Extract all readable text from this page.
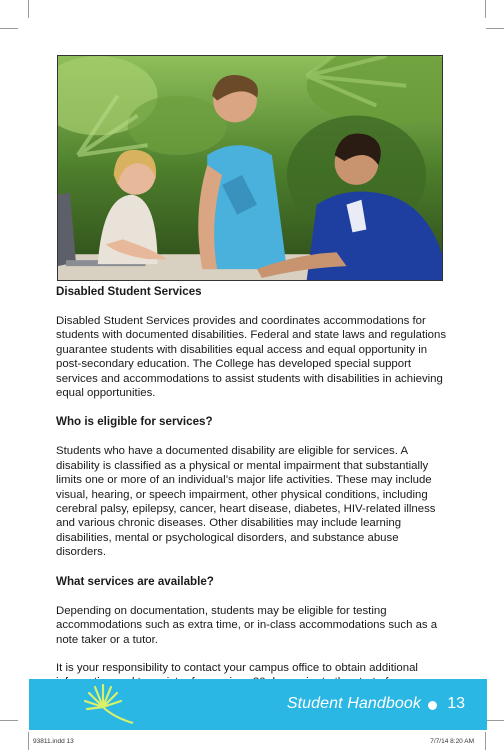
Disabled Student Services

Disabled Student Services provides and coordinates accommodations for students with documented disabilities. Federal and state laws and regulations guarantee students with disabilities equal access and equal opportunity in post-secondary education. The College has developed special support services and accommodations to assist students with disabilities in achieving equal opportunities.

Who is eligible for services?

Students who have a documented disability are eligible for services. A disability is classified as a physical or mental impairment that substantially limits one or more of an individual’s major life activities. These may include visual, hearing, or speech impairment, other physical conditions, including cerebral palsy, epilepsy, cancer, heart disease, diabetes, HIV-related illness and various chronic diseases. Other disabilities may include learning disabilities, mental or psychological disorders, and substance abuse disorders.

What services are available?

Depending on documentation, students may be eligible for testing accommodations such as extra time, or in-class accommodations such as a note taker or a tutor.

It is your responsibility to contact your campus office to obtain additional

Student Handbook 13
93811.indd 13	7/7/14 8:20 AM
